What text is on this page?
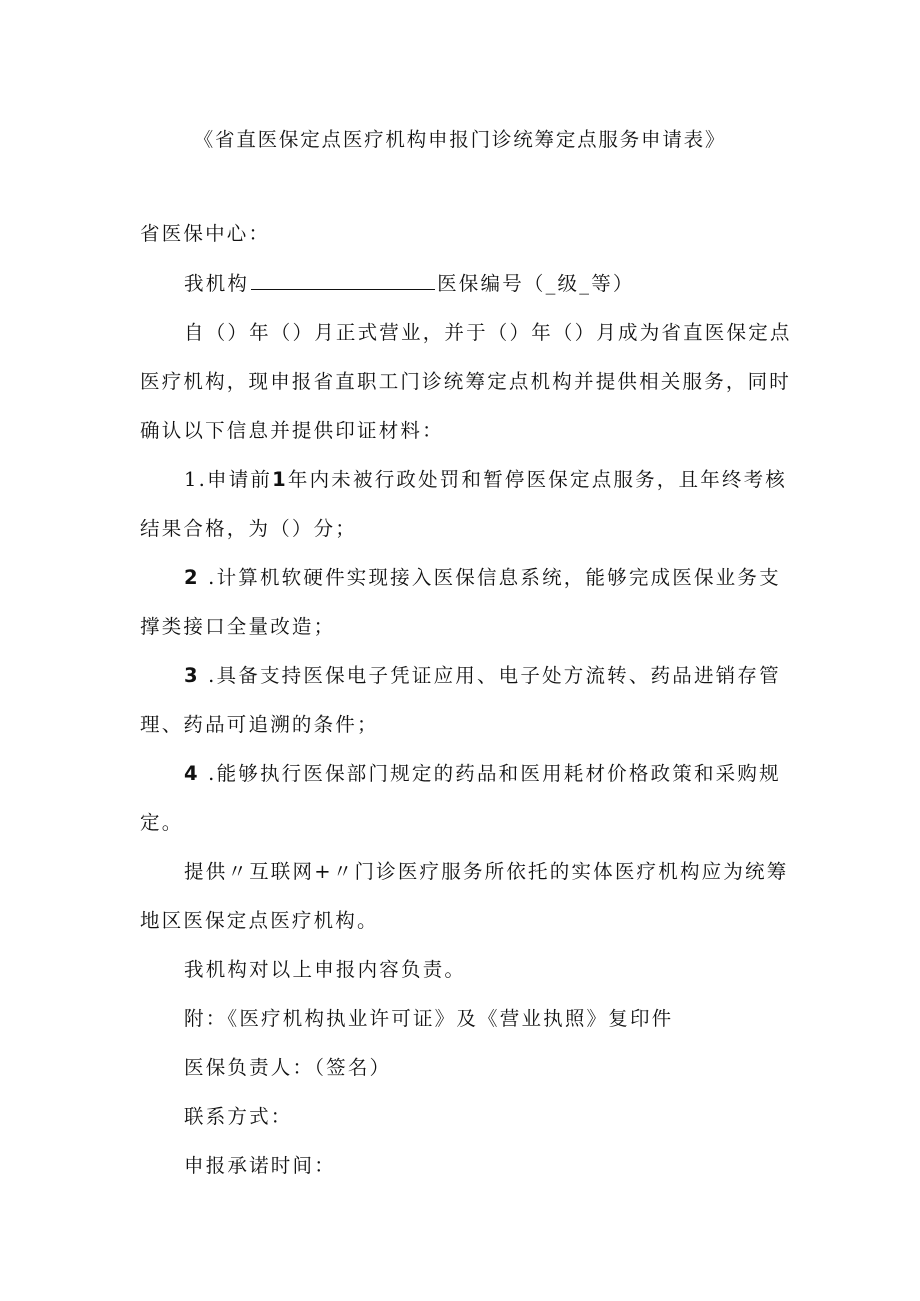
《省直医保定点医疗机构申报门诊统筹定点服务申请表》
省医保中心：
我机构	医保编号（_级_等）
自（）年（）月正式营业，并于（）年（）月成为省直医保定点
医疗机构，现申报省直职工门诊统筹定点机构并提供相关服务，同时
确认以下信息并提供印证材料：
1.申请前1年内未被行政处罚和暂停医保定点服务，且年终考核
结果合格，为（）分；
2 .计算机软硬件实现接入医保信息系统，能够完成医保业务支
撑类接口全量改造；
3 .具备支持医保电子凭证应用、电子处方流转、药品进销存管
理、药品可追溯的条件；
4 .能够执行医保部门规定的药品和医用耗材价格政策和采购规
定。
提供〃互联网+〃门诊医疗服务所依托的实体医疗机构应为统筹
地区医保定点医疗机构。
我机构对以上申报内容负责。
附：《医疗机构执业许可证》及《营业执照》复印件
医保负责人：（签名）
联系方式：
申报承诺时间：
